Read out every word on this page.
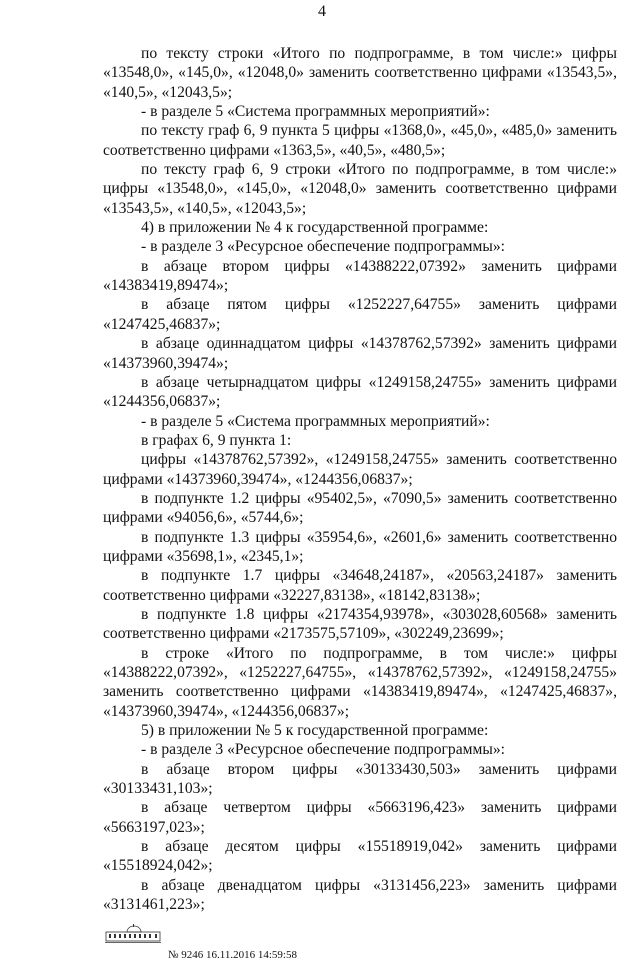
4
по тексту строки «Итого по подпрограмме, в том числе:» цифры
«13548,0», «145,0», «12048,0» заменить соответственно цифрами «13543,5»,
«140,5», «12043,5»;
- в разделе 5 «Система программных мероприятий»:
по тексту граф 6, 9 пункта 5 цифры «1368,0», «45,0», «485,0» заменить
соответственно цифрами «1363,5», «40,5», «480,5»;
по тексту граф 6, 9 строки «Итого по подпрограмме, в том числе:»
цифры «13548,0», «145,0», «12048,0» заменить соответственно цифрами
«13543,5», «140,5», «12043,5»;
4) в приложении № 4 к государственной программе:
- в разделе 3 «Ресурсное обеспечение подпрограммы»:
в абзаце втором цифры «14388222,07392» заменить цифрами
«14383419,89474»;
в абзаце пятом цифры «1252227,64755» заменить цифрами
«1247425,46837»;
в абзаце одиннадцатом цифры «14378762,57392» заменить цифрами
«14373960,39474»;
в абзаце четырнадцатом цифры «1249158,24755» заменить цифрами
«1244356,06837»;
- в разделе 5 «Система программных мероприятий»:
в графах 6, 9 пункта 1:
цифры «14378762,57392», «1249158,24755» заменить соответственно
цифрами «14373960,39474», «1244356,06837»;
в подпункте 1.2 цифры «95402,5», «7090,5» заменить соответственно
цифрами «94056,6», «5744,6»;
в подпункте 1.3 цифры «35954,6», «2601,6» заменить соответственно
цифрами «35698,1», «2345,1»;
в подпункте 1.7 цифры «34648,24187», «20563,24187» заменить
соответственно цифрами «32227,83138», «18142,83138»;
в подпункте 1.8 цифры «2174354,93978», «303028,60568» заменить
соответственно цифрами «2173575,57109», «302249,23699»;
в строке «Итого по подпрограмме, в том числе:» цифры
«14388222,07392», «1252227,64755», «14378762,57392», «1249158,24755»
заменить соответственно цифрами «14383419,89474», «1247425,46837»,
«14373960,39474», «1244356,06837»;
5) в приложении № 5 к государственной программе:
- в разделе 3 «Ресурсное обеспечение подпрограммы»:
в абзаце втором цифры «30133430,503» заменить цифрами
«30133431,103»;
в абзаце четвертом цифры «5663196,423» заменить цифрами
«5663197,023»;
в абзаце десятом цифры «15518919,042» заменить цифрами
«15518924,042»;
в абзаце двенадцатом цифры «3131456,223» заменить цифрами
«3131461,223»;
№ 9246 16.11.2016 14:59:58
